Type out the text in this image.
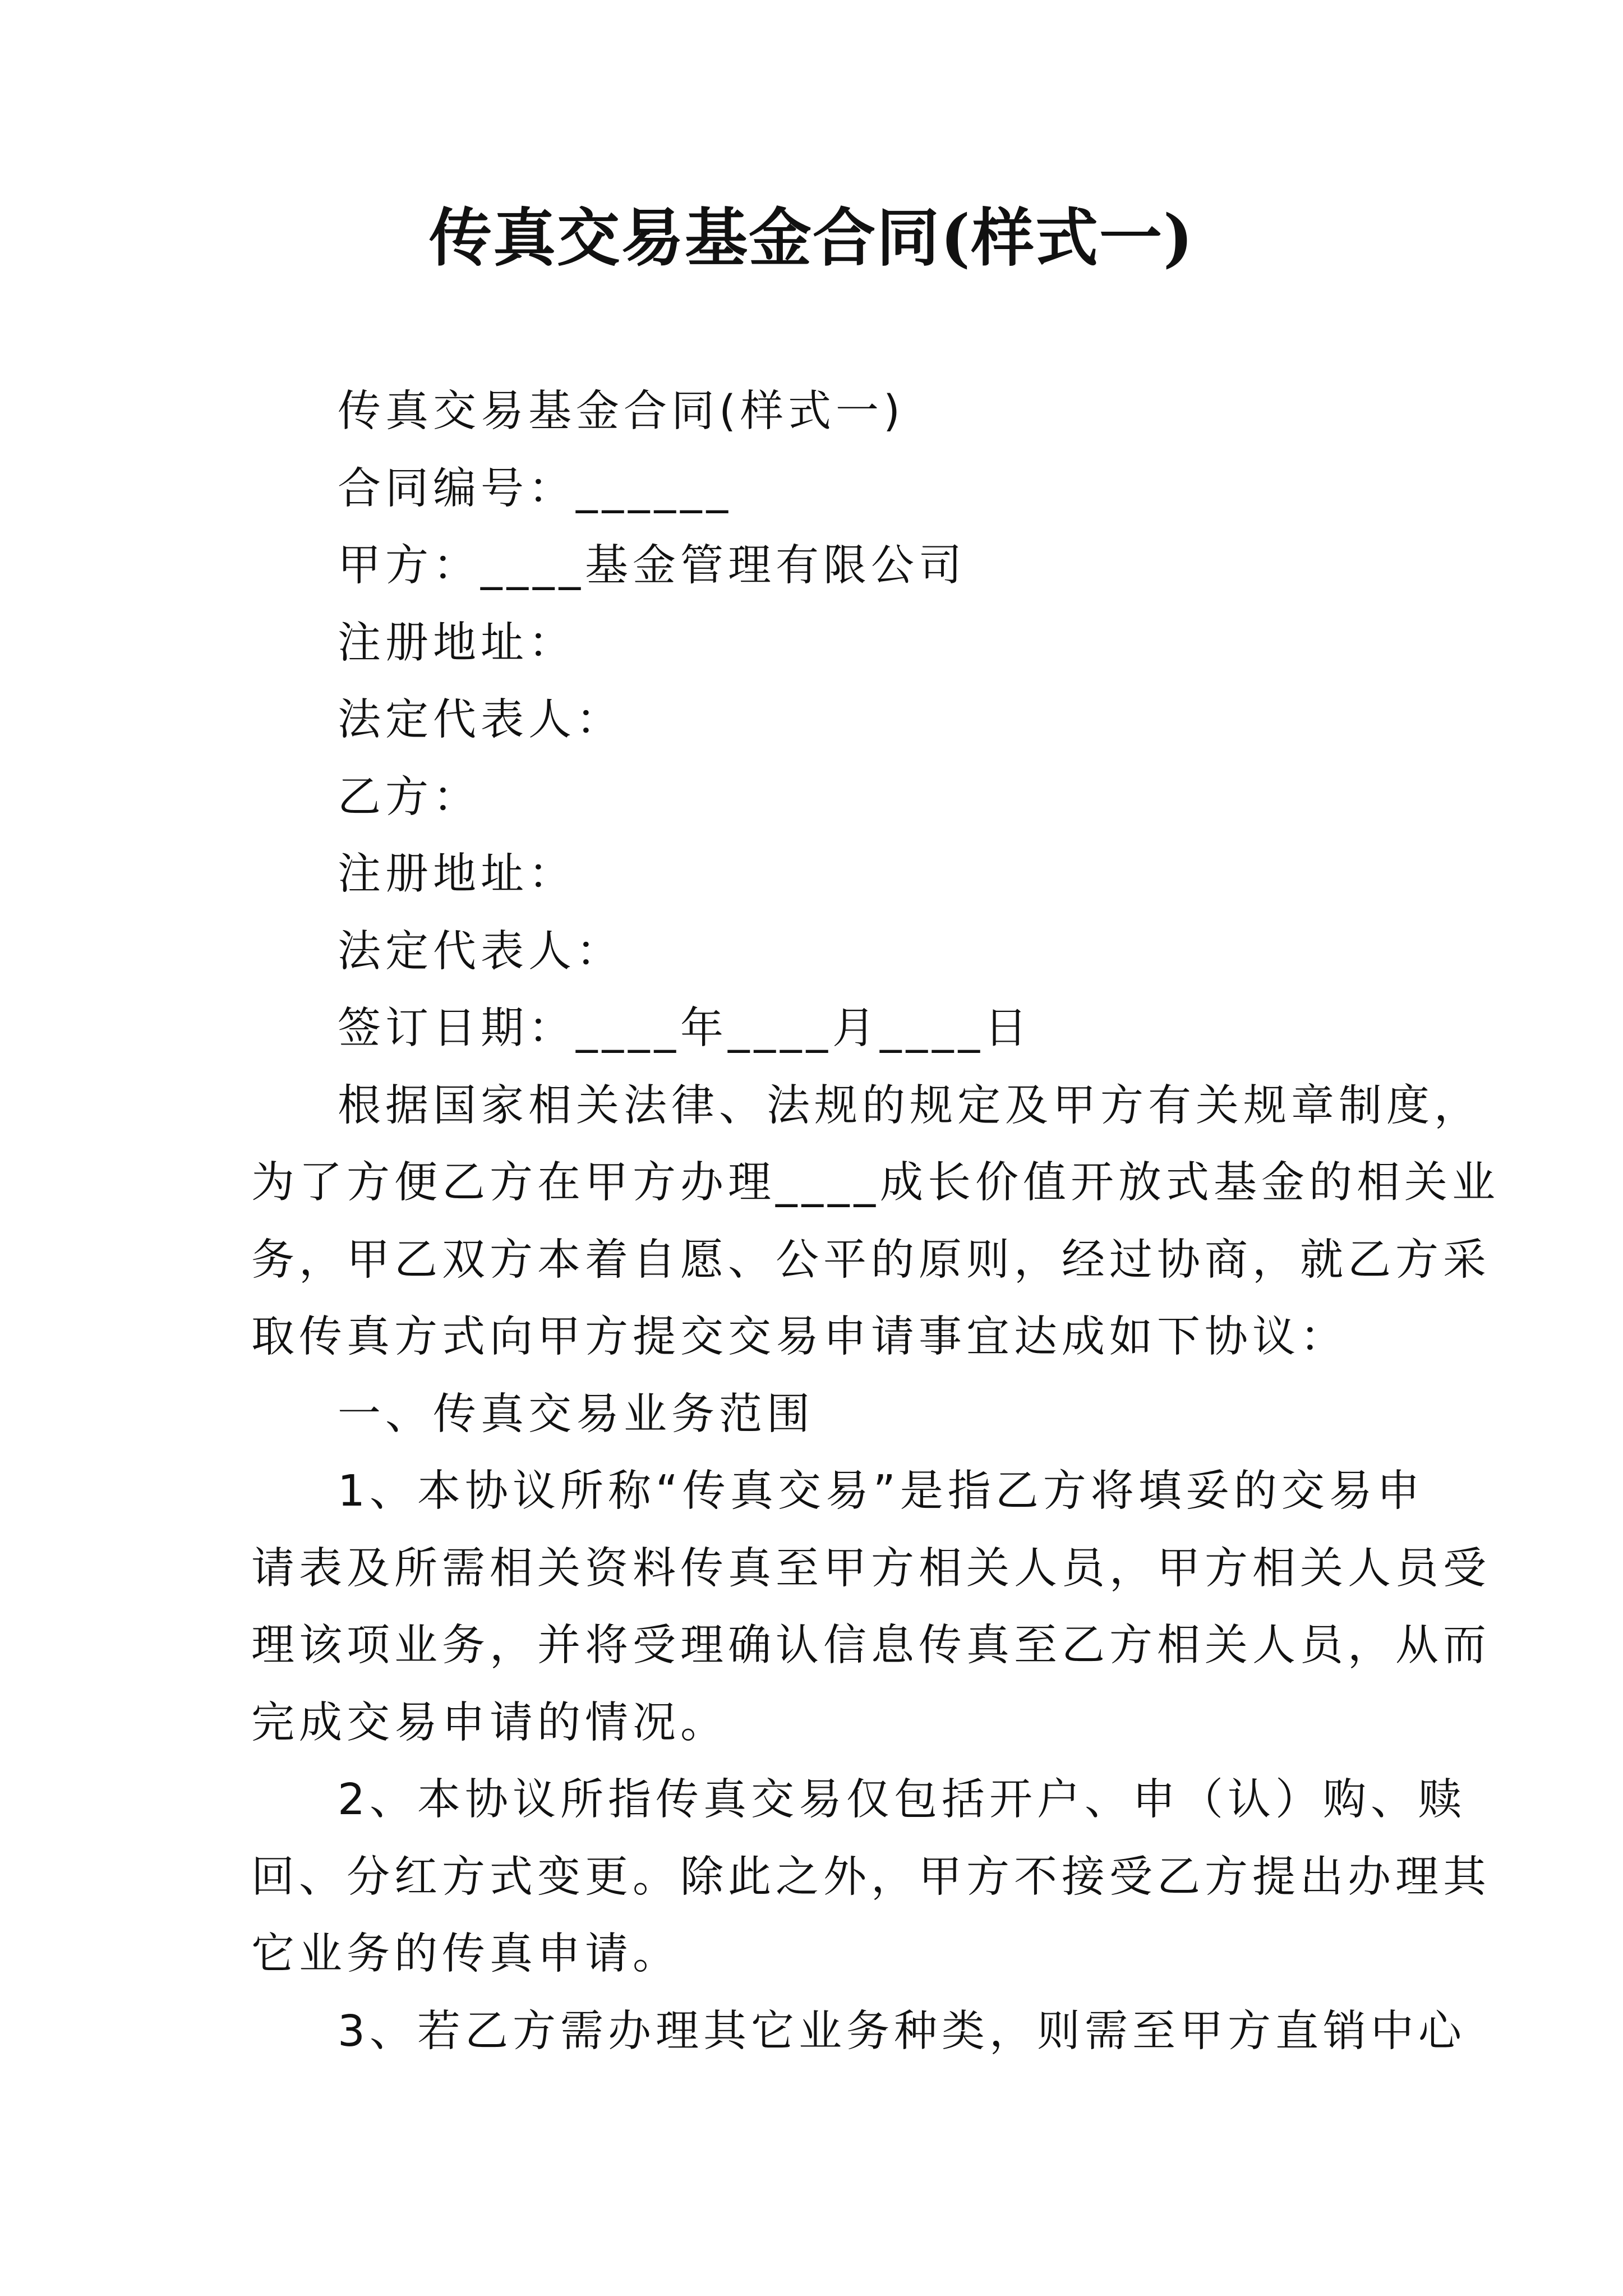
传真交易基金合同(样式一)

传真交易基金合同(样式一)

合同编号：______

甲方：____基金管理有限公司

注册地址：

法定代表人：

乙方：

注册地址：

法定代表人：

签订日期：____年____月____日

根据国家相关法律、法规的规定及甲方有关规章制度，

为了方便乙方在甲方办理____成长价值开放式基金的相关业

务，甲乙双方本着自愿、公平的原则，经过协商，就乙方采

取传真方式向甲方提交交易申请事宜达成如下协议：

一、传真交易业务范围

1、本协议所称“传真交易”是指乙方将填妥的交易申

请表及所需相关资料传真至甲方相关人员，甲方相关人员受

理该项业务，并将受理确认信息传真至乙方相关人员，从而

完成交易申请的情况。

2、本协议所指传真交易仅包括开户、申（认）购、赎

回、分红方式变更。除此之外，甲方不接受乙方提出办理其

它业务的传真申请。

3、若乙方需办理其它业务种类，则需至甲方直销中心
